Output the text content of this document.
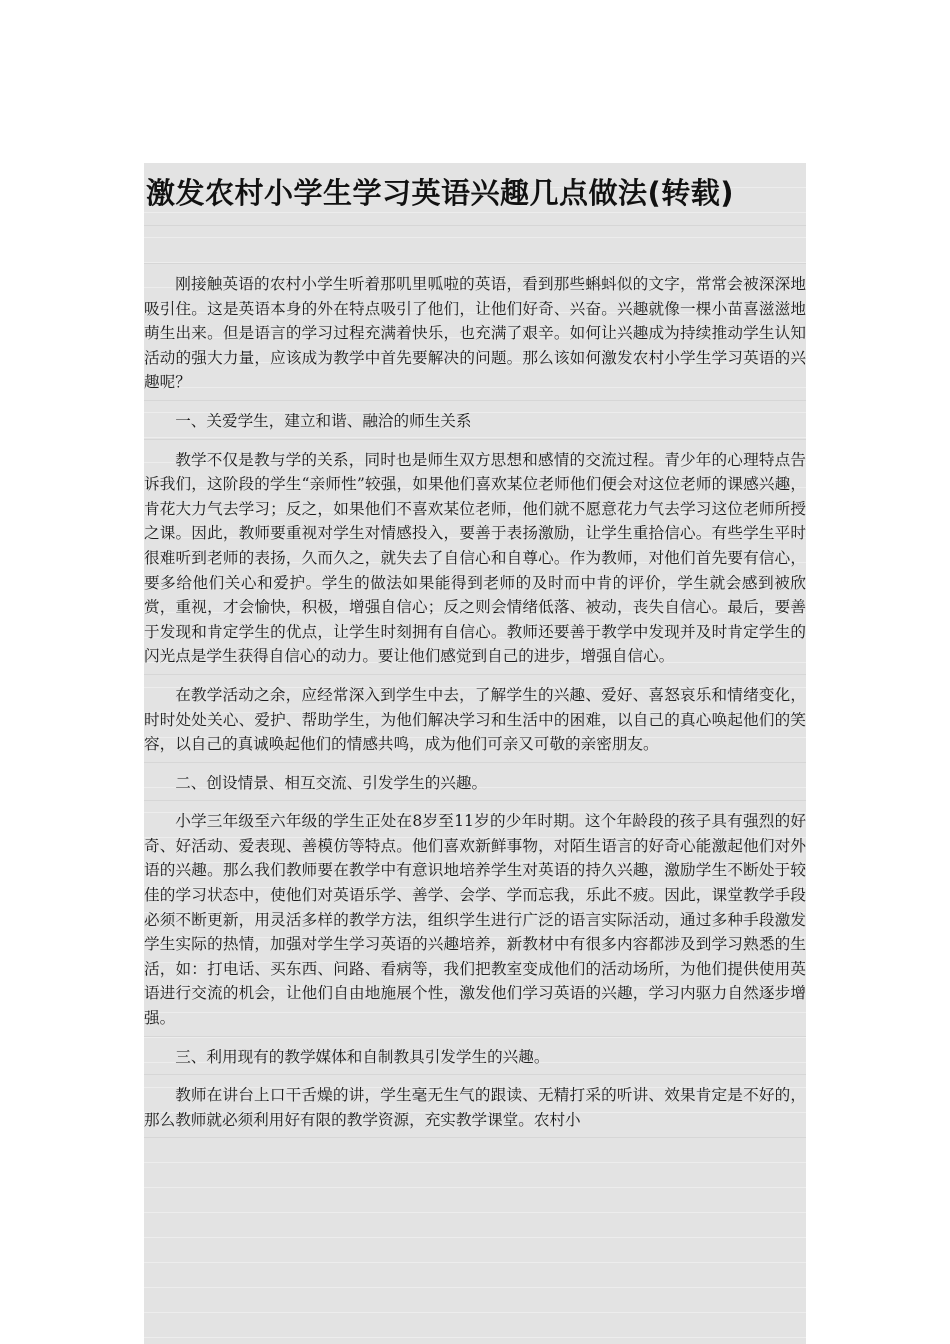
激发农村小学生学习英语兴趣几点做法(转载)

刚接触英语的农村小学生听着那叽里呱啦的英语，看到那些蝌蚪似的文字，常常会被深深地吸引住。这是英语本身的外在特点吸引了他们，让他们好奇、兴奋。兴趣就像一棵小苗喜滋滋地萌生出来。但是语言的学习过程充满着快乐，也充满了艰辛。如何让兴趣成为持续推动学生认知活动的强大力量，应该成为教学中首先要解决的问题。那么该如何激发农村小学生学习英语的兴趣呢？

一、关爱学生，建立和谐、融洽的师生关系

教学不仅是教与学的关系，同时也是师生双方思想和感情的交流过程。青少年的心理特点告诉我们，这阶段的学生“亲师性”较强，如果他们喜欢某位老师他们便会对这位老师的课感兴趣，肯花大力气去学习；反之，如果他们不喜欢某位老师，他们就不愿意花力气去学习这位老师所授之课。因此，教师要重视对学生对情感投入，要善于表扬激励，让学生重拾信心。有些学生平时很难听到老师的表扬，久而久之，就失去了自信心和自尊心。作为教师，对他们首先要有信心，要多给他们关心和爱护。学生的做法如果能得到老师的及时而中肯的评价，学生就会感到被欣赏，重视，才会愉快，积极，增强自信心；反之则会情绪低落、被动，丧失自信心。最后，要善于发现和肯定学生的优点，让学生时刻拥有自信心。教师还要善于教学中发现并及时肯定学生的闪光点是学生获得自信心的动力。要让他们感觉到自己的进步，增强自信心。

在教学活动之余，应经常深入到学生中去，了解学生的兴趣、爱好、喜怒哀乐和情绪变化，时时处处关心、爱护、帮助学生，为他们解决学习和生活中的困难，以自己的真心唤起他们的笑容，以自己的真诚唤起他们的情感共鸣，成为他们可亲又可敬的亲密朋友。

二、创设情景、相互交流、引发学生的兴趣。

小学三年级至六年级的学生正处在8岁至11岁的少年时期。这个年龄段的孩子具有强烈的好奇、好活动、爱表现、善模仿等特点。他们喜欢新鲜事物，对陌生语言的好奇心能激起他们对外语的兴趣。那么我们教师要在教学中有意识地培养学生对英语的持久兴趣，激励学生不断处于较佳的学习状态中，使他们对英语乐学、善学、会学、学而忘我，乐此不疲。因此，课堂教学手段必须不断更新，用灵活多样的教学方法，组织学生进行广泛的语言实际活动，通过多种手段激发学生实际的热情，加强对学生学习英语的兴趣培养，新教材中有很多内容都涉及到学习熟悉的生活，如：打电话、买东西、问路、看病等，我们把教室变成他们的活动场所，为他们提供使用英语进行交流的机会，让他们自由地施展个性，激发他们学习英语的兴趣，学习内驱力自然逐步增强。

三、利用现有的教学媒体和自制教具引发学生的兴趣。

教师在讲台上口干舌燥的讲，学生毫无生气的跟读、无精打采的听讲、效果肯定是不好的，那么教师就必须利用好有限的教学资源，充实教学课堂。农村小
